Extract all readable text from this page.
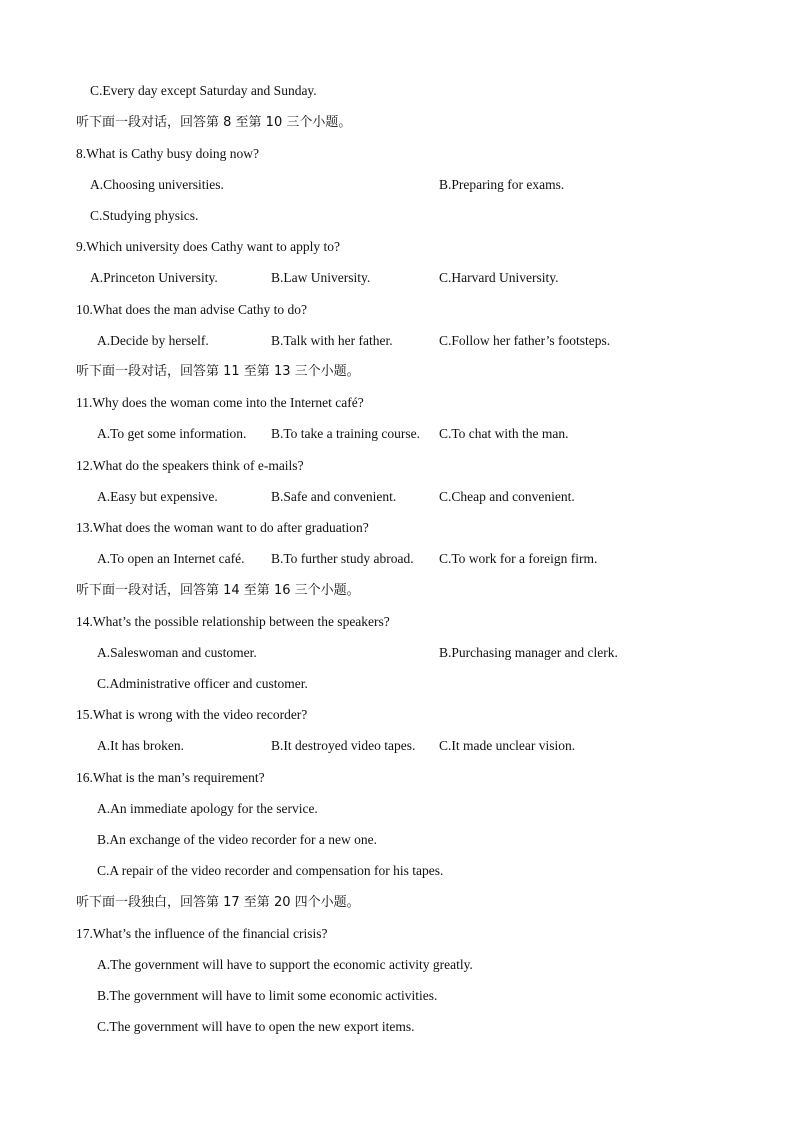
C.Every day except Saturday and Sunday.
听下面一段对话，回答第 8 至第 10 三个小题。
8.What is Cathy busy doing now?
A.Choosing universities.	B.Preparing for exams.
C.Studying physics.
9.Which university does Cathy want to apply to?
A.Princeton University.	B.Law University.	C.Harvard University.
10.What does the man advise Cathy to do?
A.Decide by herself.	B.Talk with her father.	C.Follow her father’s footsteps.
听下面一段对话，回答第 11 至第 13 三个小题。
11.Why does the woman come into the Internet café?
A.To get some information. B.To take a training course. C.To chat with the man.
12.What do the speakers think of e-mails?
A.Easy but expensive.	B.Safe and convenient.	C.Cheap and convenient.
13.What does the woman want to do after graduation?
A.To open an Internet café. B.To further study abroad. C.To work for a foreign firm.
听下面一段对话，回答第 14 至第 16 三个小题。
14.What’s the possible relationship between the speakers?
A.Saleswoman and customer.	B.Purchasing manager and clerk.
C.Administrative officer and customer.
15.What is wrong with the video recorder?
A.It has broken.	B.It destroyed video tapes. C.It made unclear vision.
16.What is the man’s requirement?
A.An immediate apology for the service.
B.An exchange of the video recorder for a new one.
C.A repair of the video recorder and compensation for his tapes.
听下面一段独白，回答第 17 至第 20 四个小题。
17.What’s the influence of the financial crisis?
A.The government will have to support the economic activity greatly.
B.The government will have to limit some economic activities.
C.The government will have to open the new export items.
